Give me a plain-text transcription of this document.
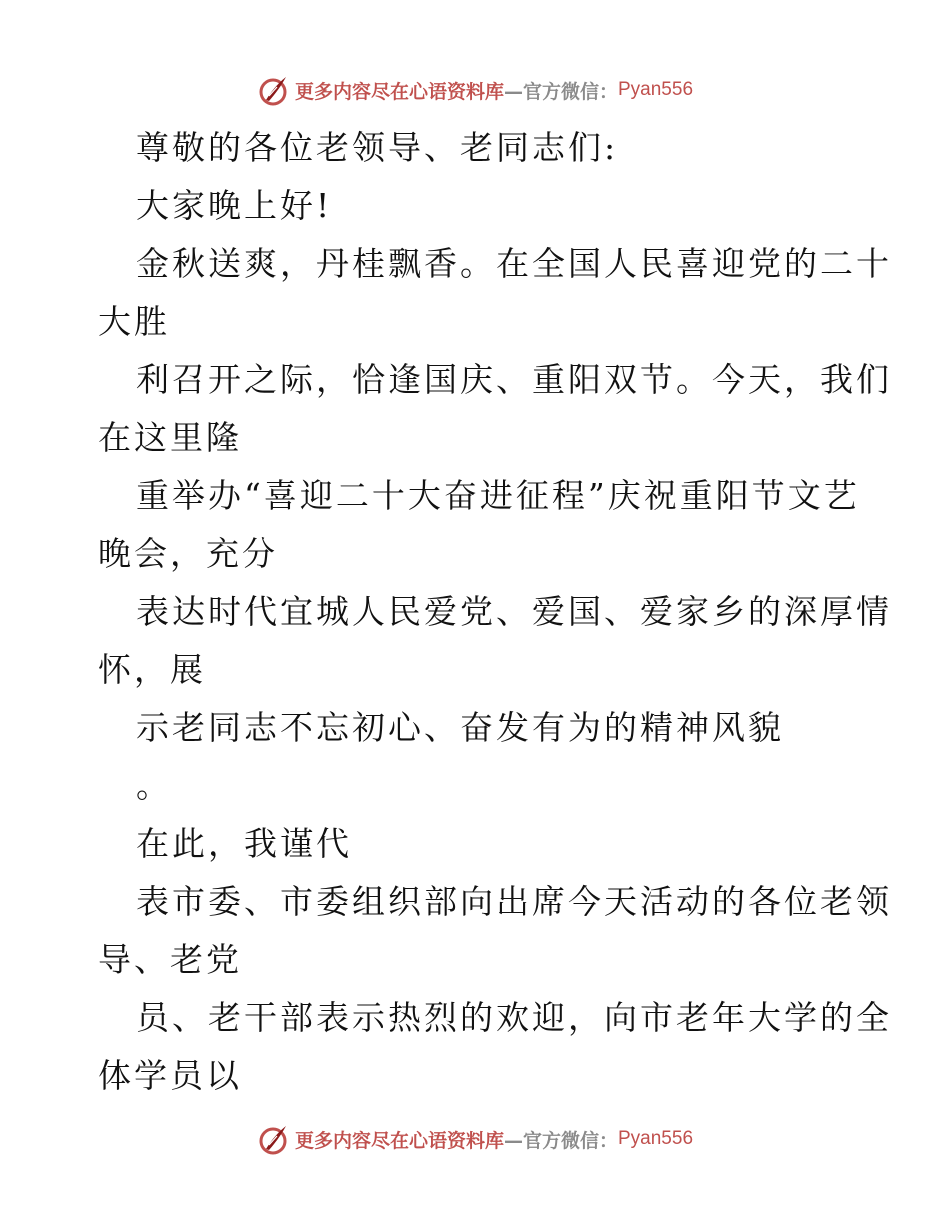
更多内容尽在心语资料库 —官方微信： Pyan556
尊敬的各位老领导、老同志们:
大家晚上好!
金秋送爽，丹桂飘香。在全国人民喜迎党的二十
大胜
利召开之际，恰逢国庆、重阳双节。今天，我们
在这里隆
重举办“喜迎二十大奋进征程”庆祝重阳节文艺
晚会，充分
表达时代宜城人民爱党、爱国、爱家乡的深厚情
怀，展
示老同志不忘初心、奋发有为的精神风貌
。
在此，我谨代
表市委、市委组织部向出席今天活动的各位老领
导、老党
员、老干部表示热烈的欢迎，向市老年大学的全
体学员以
更多内容尽在心语资料库 —官方微信： Pyan556
